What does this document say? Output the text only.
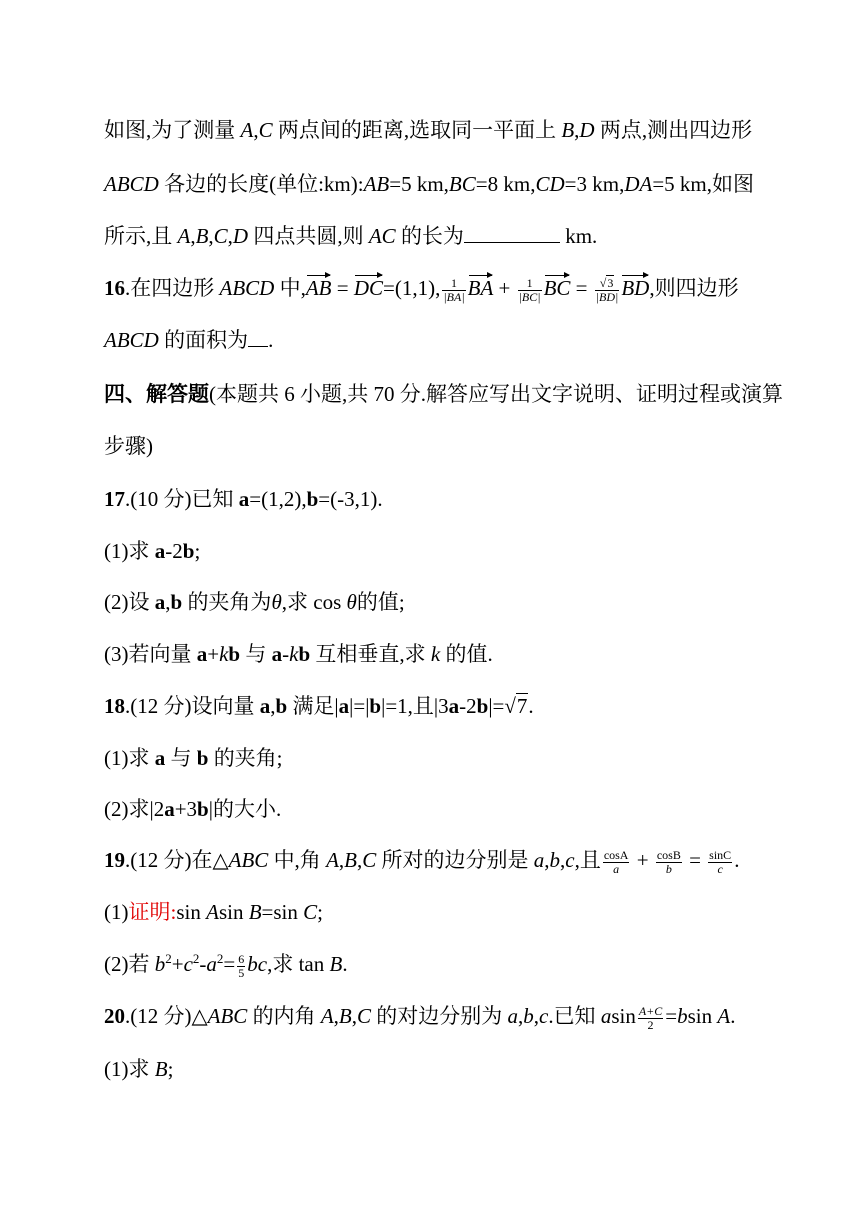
如图,为了测量 A,C 两点间的距离,选取同一平面上 B,D 两点,测出四边形
ABCD 各边的长度(单位:km):AB=5 km,BC=8 km,CD=3 km,DA=5 km,如图
所示,且 A,B,C,D 四点共圆,则 AC 的长为	km.
16.在四边形 ABCD 中,AB = DC=(1,1), $\frac{1}{|BA|}$ BA + $\frac{1}{|BC|}$ BC = $\frac{√3}{|BD|}$ BD,则四边形
ABCD 的面积为 .
四、解答题(本题共 6 小题,共 70 分.解答应写出文字说明、证明过程或演算
步骤)
17.(10 分)已知 a=(1,2),b=(-3,1).
(1)求 a-2b;
(2)设 a,b 的夹角为θ,求 cos θ的值;
(3)若向量 a+kb 与 a-kb 互相垂直,求 k 的值.
18.(12 分)设向量 a,b 满足|a|=|b|=1,且|3a-2b|=√7.
(1)求 a 与 b 的夹角;
(2)求|2a+3b|的大小.
19.(12 分)在△ABC 中,角 A,B,C 所对的边分别是 a,b,c,且 $\frac{\cos A}{a} + \frac{\cos B}{b} = \frac{\sin C}{c}$ .
(1)证明:sin Asin B=sin C;
(2)若 $b^2+c^2-a^2= \frac{6}{5}$ bc,求 tan B.
20.(12 分)△ABC 的内角 A,B,C 的对边分别为 a,b,c.已知 asin $\frac{A+C}{2} =bsin$ A.
(1)求 B;
